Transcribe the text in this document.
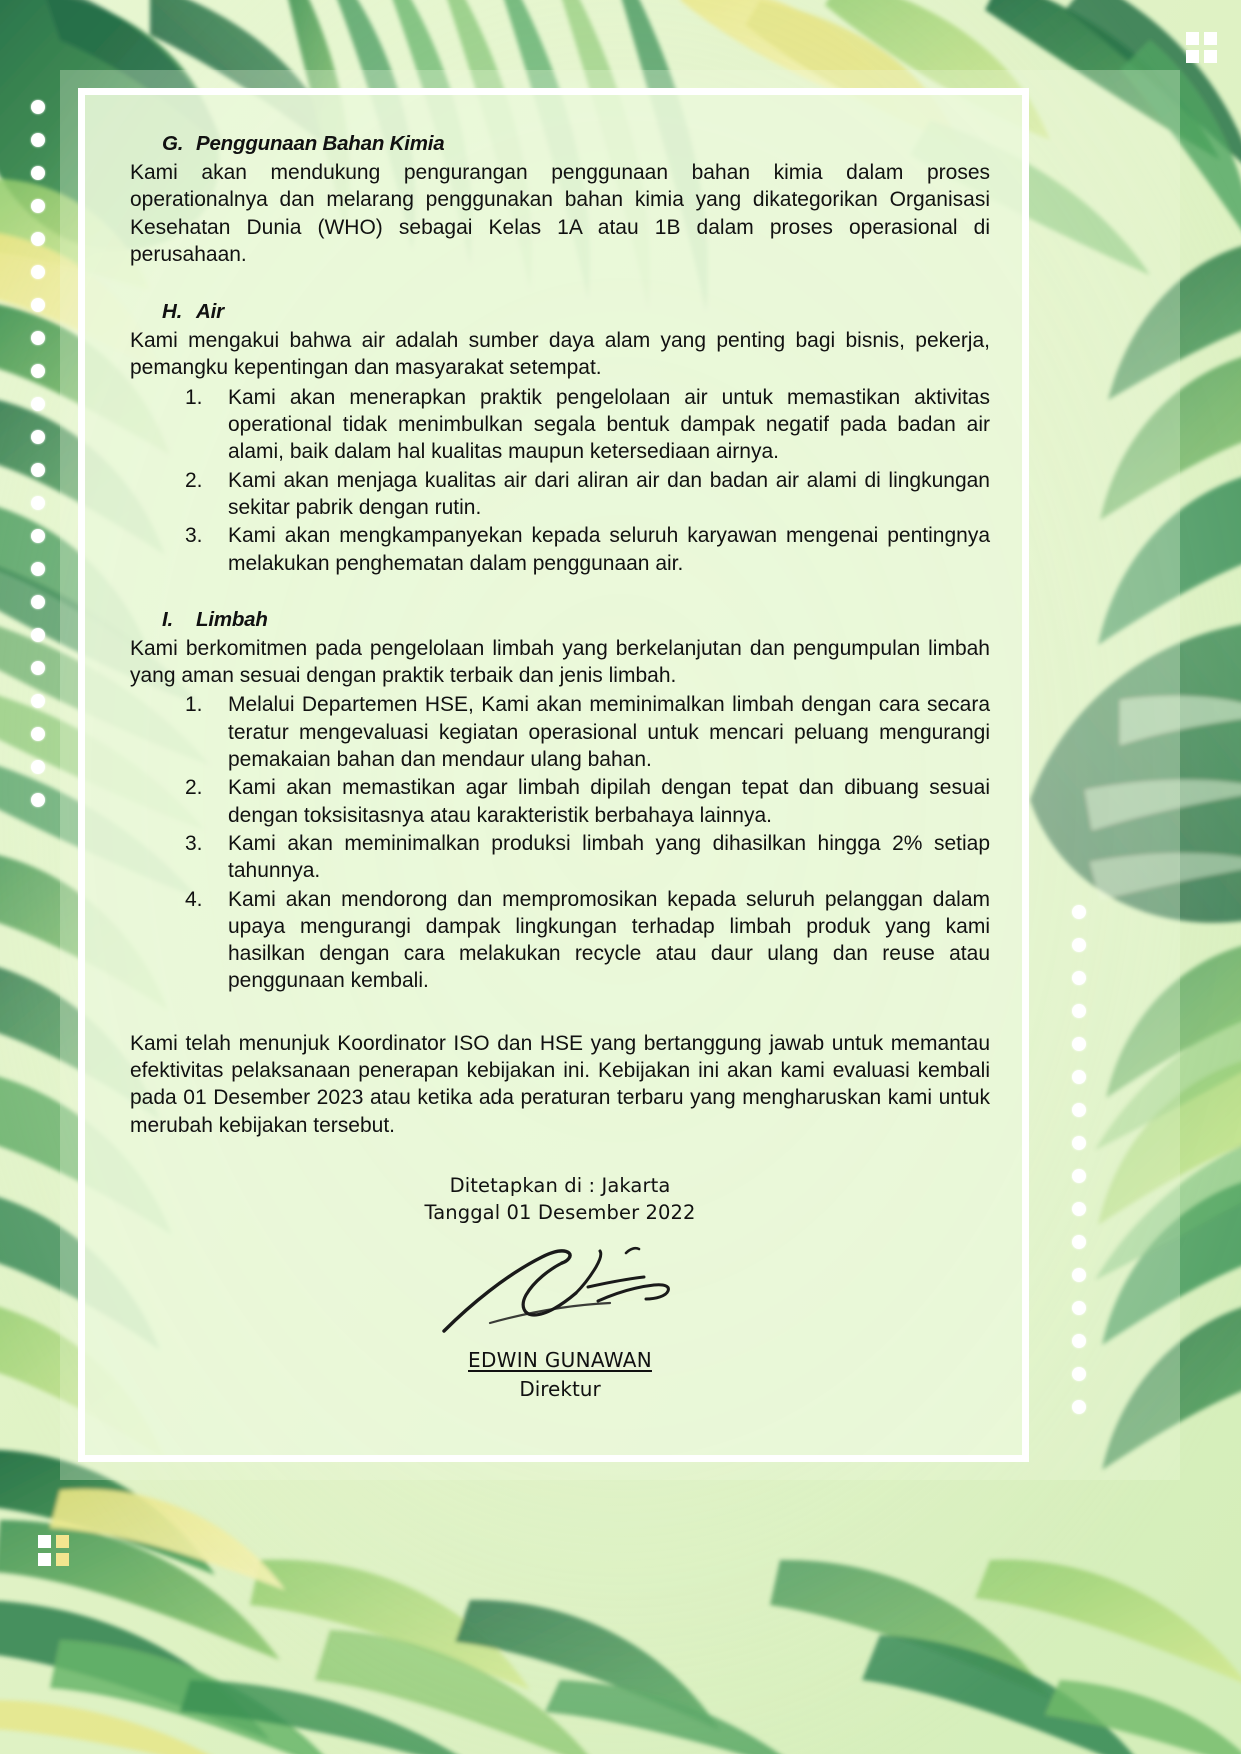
G. Penggunaan Bahan Kimia

Kami akan mendukung pengurangan penggunaan bahan kimia dalam proses operationalnya dan melarang penggunakan bahan kimia yang dikategorikan Organisasi Kesehatan Dunia (WHO) sebagai Kelas 1A atau 1B dalam proses operasional di perusahaan.

H. Air

Kami mengakui bahwa air adalah sumber daya alam yang penting bagi bisnis, pekerja, pemangku kepentingan dan masyarakat setempat.

1.	Kami akan menerapkan praktik pengelolaan air untuk memastikan aktivitas operational tidak menimbulkan segala bentuk dampak negatif pada badan air alami, baik dalam hal kualitas maupun ketersediaan airnya.
2.	Kami akan menjaga kualitas air dari aliran air dan badan air alami di lingkungan sekitar pabrik dengan rutin.
3.	Kami akan mengkampanyekan kepada seluruh karyawan mengenai pentingnya melakukan penghematan dalam penggunaan air.
I. Limbah

Kami berkomitmen pada pengelolaan limbah yang berkelanjutan dan pengumpulan limbah yang aman sesuai dengan praktik terbaik dan jenis limbah.

1.	Melalui Departemen HSE, Kami akan meminimalkan limbah dengan cara secara teratur mengevaluasi kegiatan operasional untuk mencari peluang mengurangi pemakaian bahan dan mendaur ulang bahan.
2.	Kami akan memastikan agar limbah dipilah dengan tepat dan dibuang sesuai dengan toksisitasnya atau karakteristik berbahaya lainnya.
3.	Kami akan meminimalkan produksi limbah yang dihasilkan hingga 2% setiap tahunnya.
4.	Kami akan mendorong dan mempromosikan kepada seluruh pelanggan dalam upaya mengurangi dampak lingkungan terhadap limbah produk yang kami hasilkan dengan cara melakukan recycle atau daur ulang dan reuse atau penggunaan kembali.

Kami telah menunjuk Koordinator ISO dan HSE yang bertanggung jawab untuk memantau efektivitas pelaksanaan penerapan kebijakan ini. Kebijakan ini akan kami evaluasi kembali pada 01 Desember 2023 atau ketika ada peraturan terbaru yang mengharuskan kami untuk merubah kebijakan tersebut.

Ditetapkan di : Jakarta
Tanggal 01 Desember 2022
EDWIN GUNAWAN
Direktur
